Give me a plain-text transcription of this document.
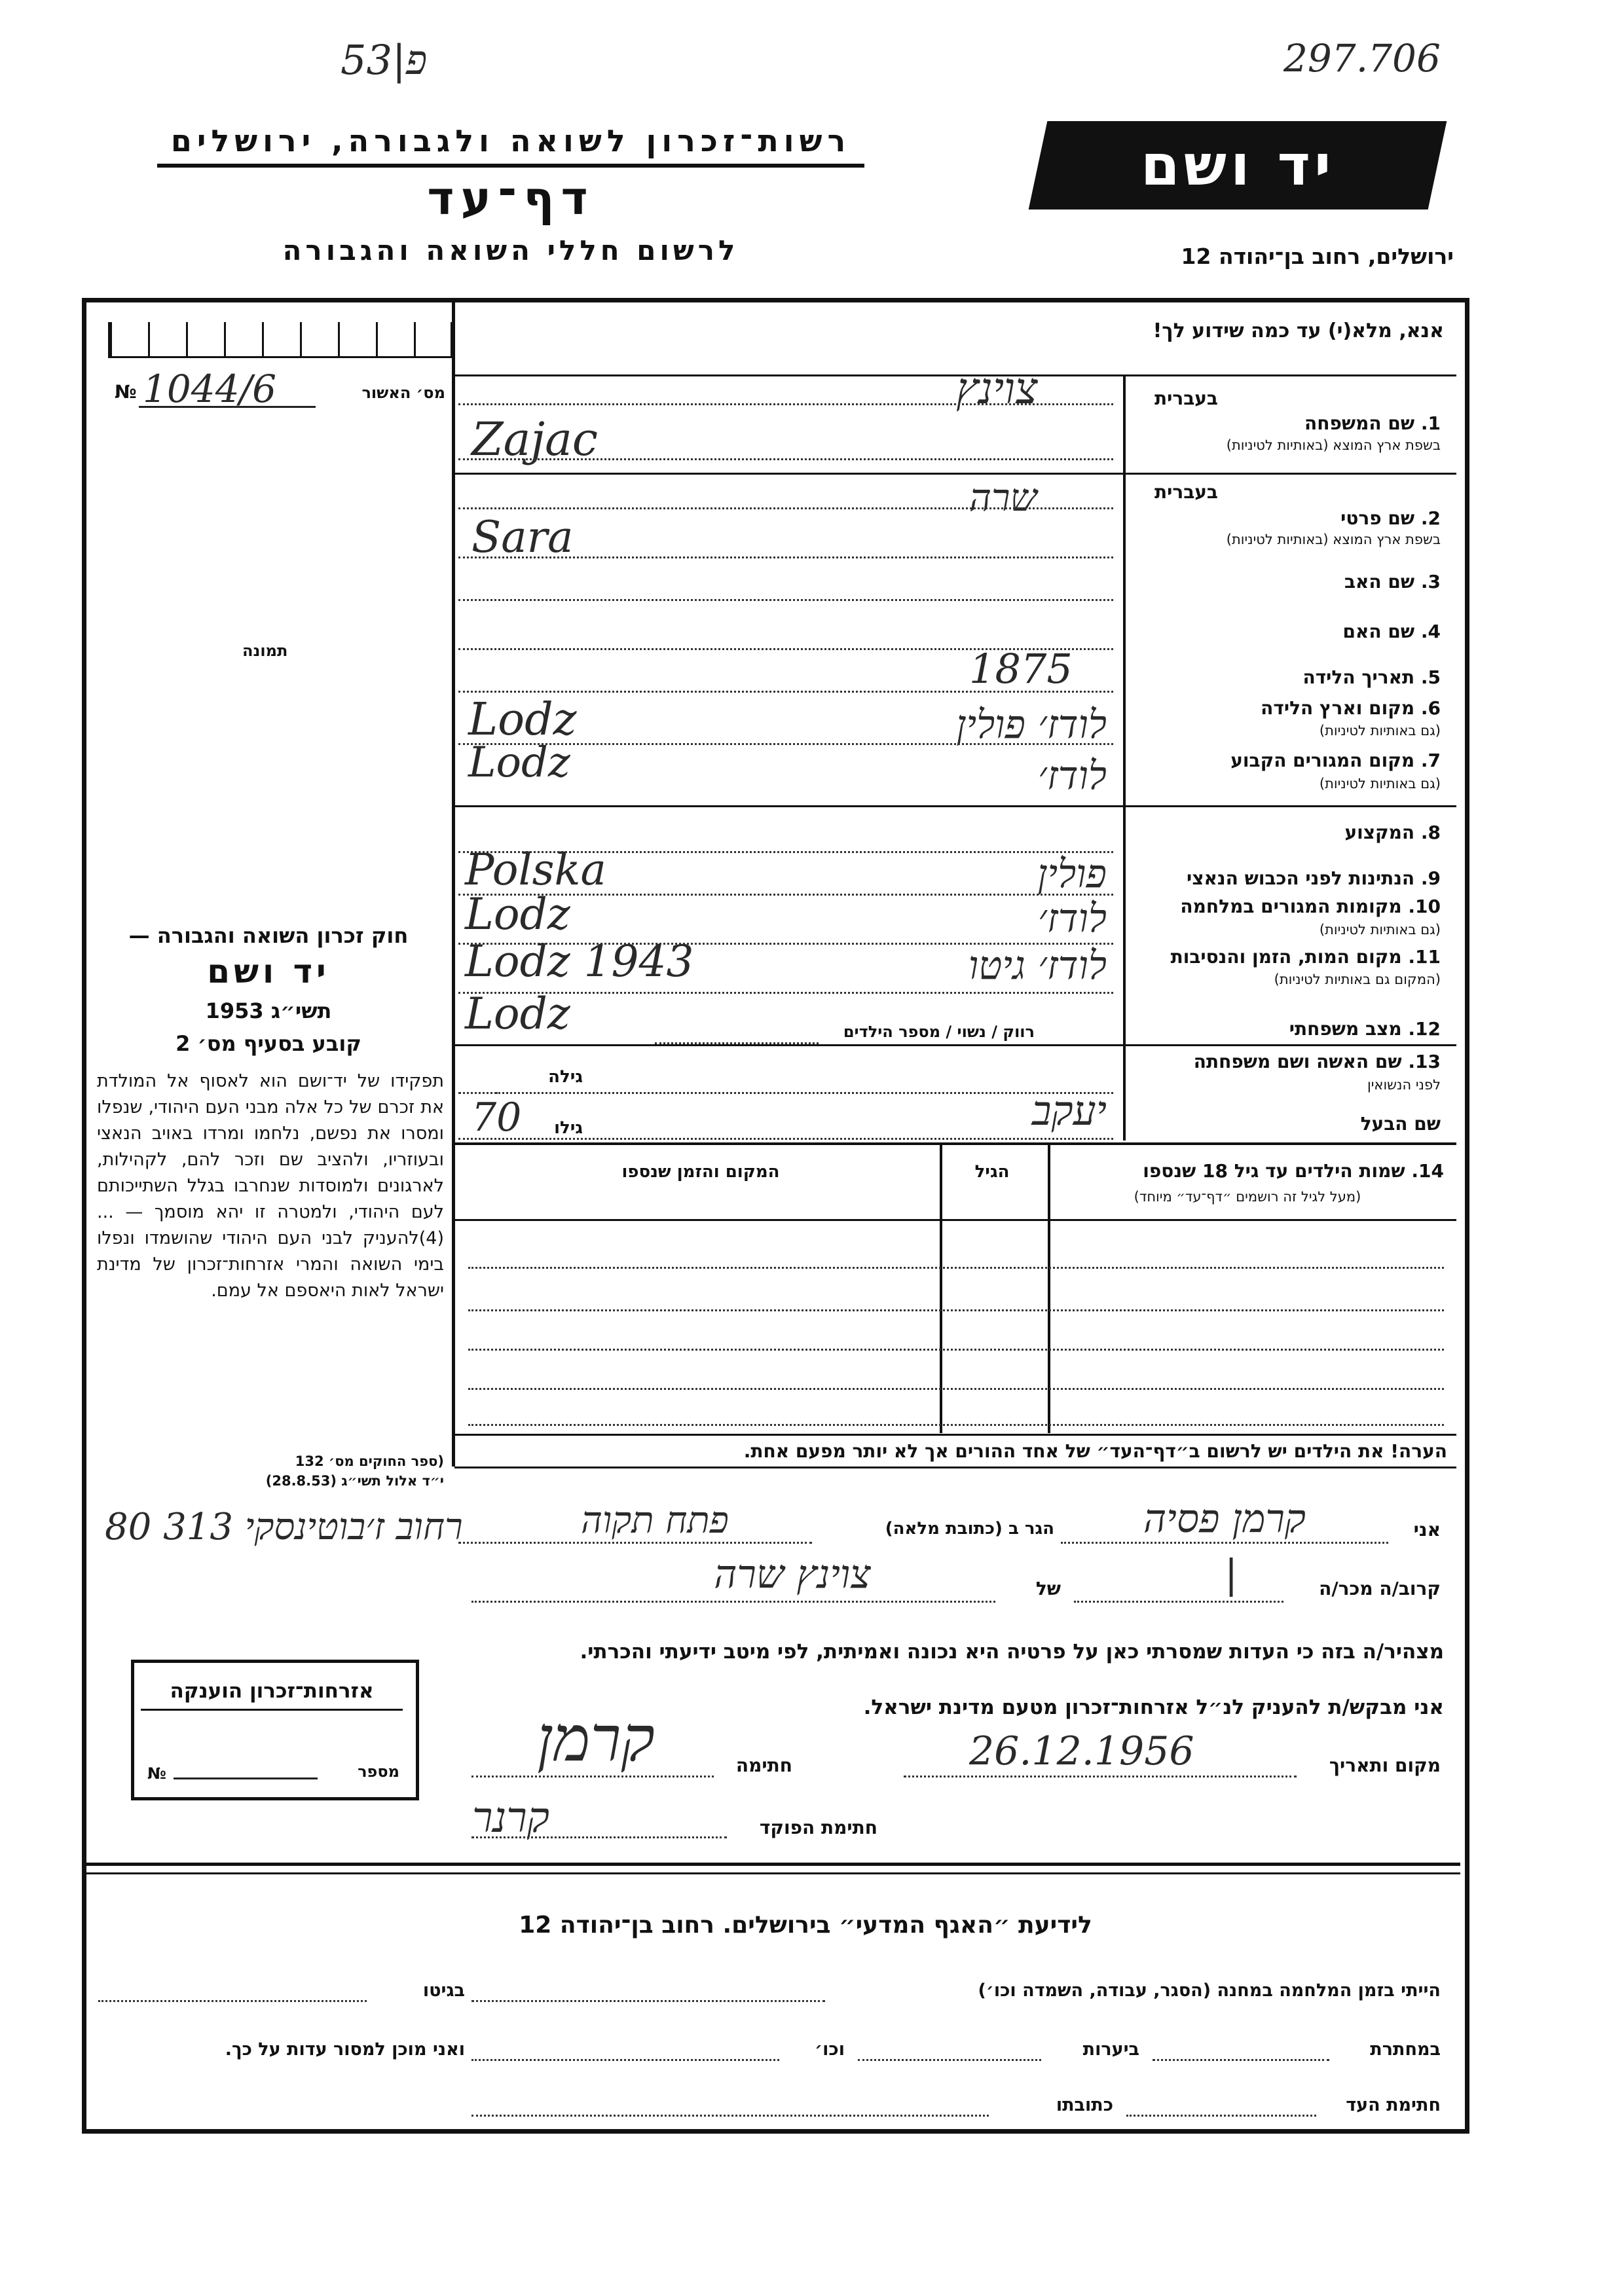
53|פ	297.706
רשות־זכרון לשואה ולגבורה, ירושלים
דף־עד
לרשום חללי השואה והגבורה
יד ושם
ירושלים, רחוב בן־יהודה 12
אנא, מלא(י) עד כמה שידוע לך!
№ 1044/6	מס׳ האשור
תמונה
בעברית
1. שם המשפחה
בשפת ארץ המוצא (באותיות לטיניות)
צוינץ
Zajac
בעברית
2. שם פרטי
בשפת ארץ המוצא (באותיות לטיניות)
שרה
Sara
3. שם האב
4. שם האם
5. תאריך הלידה
1875
6. מקום וארץ הלידה
(גם באותיות לטיניות)
לודז׳ פולין
Lodz
7. מקום המגורים הקבוע
(גם באותיות לטיניות)
לודז׳
Lodz
8. המקצוע
9. הנתינות לפני הכבוש הנאצי
פולין
Polska
10. מקומות המגורים במלחמה
(גם באותיות לטיניות)
לודז׳
Lodz
11. מקום המות, הזמן והנסיבות
(המקום גם באותיות לטיניות)
לודז׳ גיטו
Lodz 1943
12. מצב משפחתי
רווק / נשוי / מספר הילדים
Lodz
13. שם האשה ושם משפחתה
לפני הנשואין
גילה
שם הבעל
יעקב
גילו
70
14. שמות הילדים עד גיל 18 שנספו
(מעל לגיל זה רושמים ״דף־עד״ מיוחד)
הגיל
המקום והזמן שנספו
הערה! את הילדים יש לרשום ב״דף־העד״ של אחד ההורים אך לא יותר מפעם אחת.
חוק זכרון השואה והגבורה —
יד ושם
תשי״ג 1953
קובע בסעיף מס׳ 2
תפקידו של יד־ושם הוא לאסוף אל המולדת את זכרם של כל אלה מבני העם היהודי, שנפלו ומסרו את נפשם, נלחמו ומרדו באויב הנאצי ובעוזריו, ולהציב שם וזכר להם, לקהילות, לארגונים ולמוסדות שנחרבו בגלל השתייכותם לעם היהודי, ולמטרה זו יהא מוסמך — ...(4)להעניק לבני העם היהודי שהושמדו ונפלו בימי השואה והמרי אזרחות־זכרון של מדינת ישראל לאות היאספם אל עמם.
(ספר החוקים מס׳ 132
י״ד אלול תשי״ג (28.8.53)
אני
קרמן פסיה
הגר ב (כתובת מלאה)
פתח תקוה
80 רחוב ז׳בוטינסקי 313
קרוב/ה מכר/ה
|
של
צוינץ שרה
מצהיר/ה בזה כי העדות שמסרתי כאן על פרטיה היא נכונה ואמיתית, לפי מיטב ידיעתי והכרתי.
אני מבקש/ת להעניק לנ״ל אזרחות־זכרון מטעם מדינת ישראל.
מקום ותאריך
26.12.1956
חתימה
קרמן
חתימת הפוקד
קרנר
אזרחות־זכרון הוענקה
№	מספר
לידיעת ״האגף המדעי״ בירושלים. רחוב בן־יהודה 12
הייתי בזמן המלחמה במחנה (הסגר, עבודה, השמדה וכו׳)
בגיטו
במחתרת
ביערות
וכו׳
ואני מוכן למסור עדות על כך.
חתימת העד
כתובתו
